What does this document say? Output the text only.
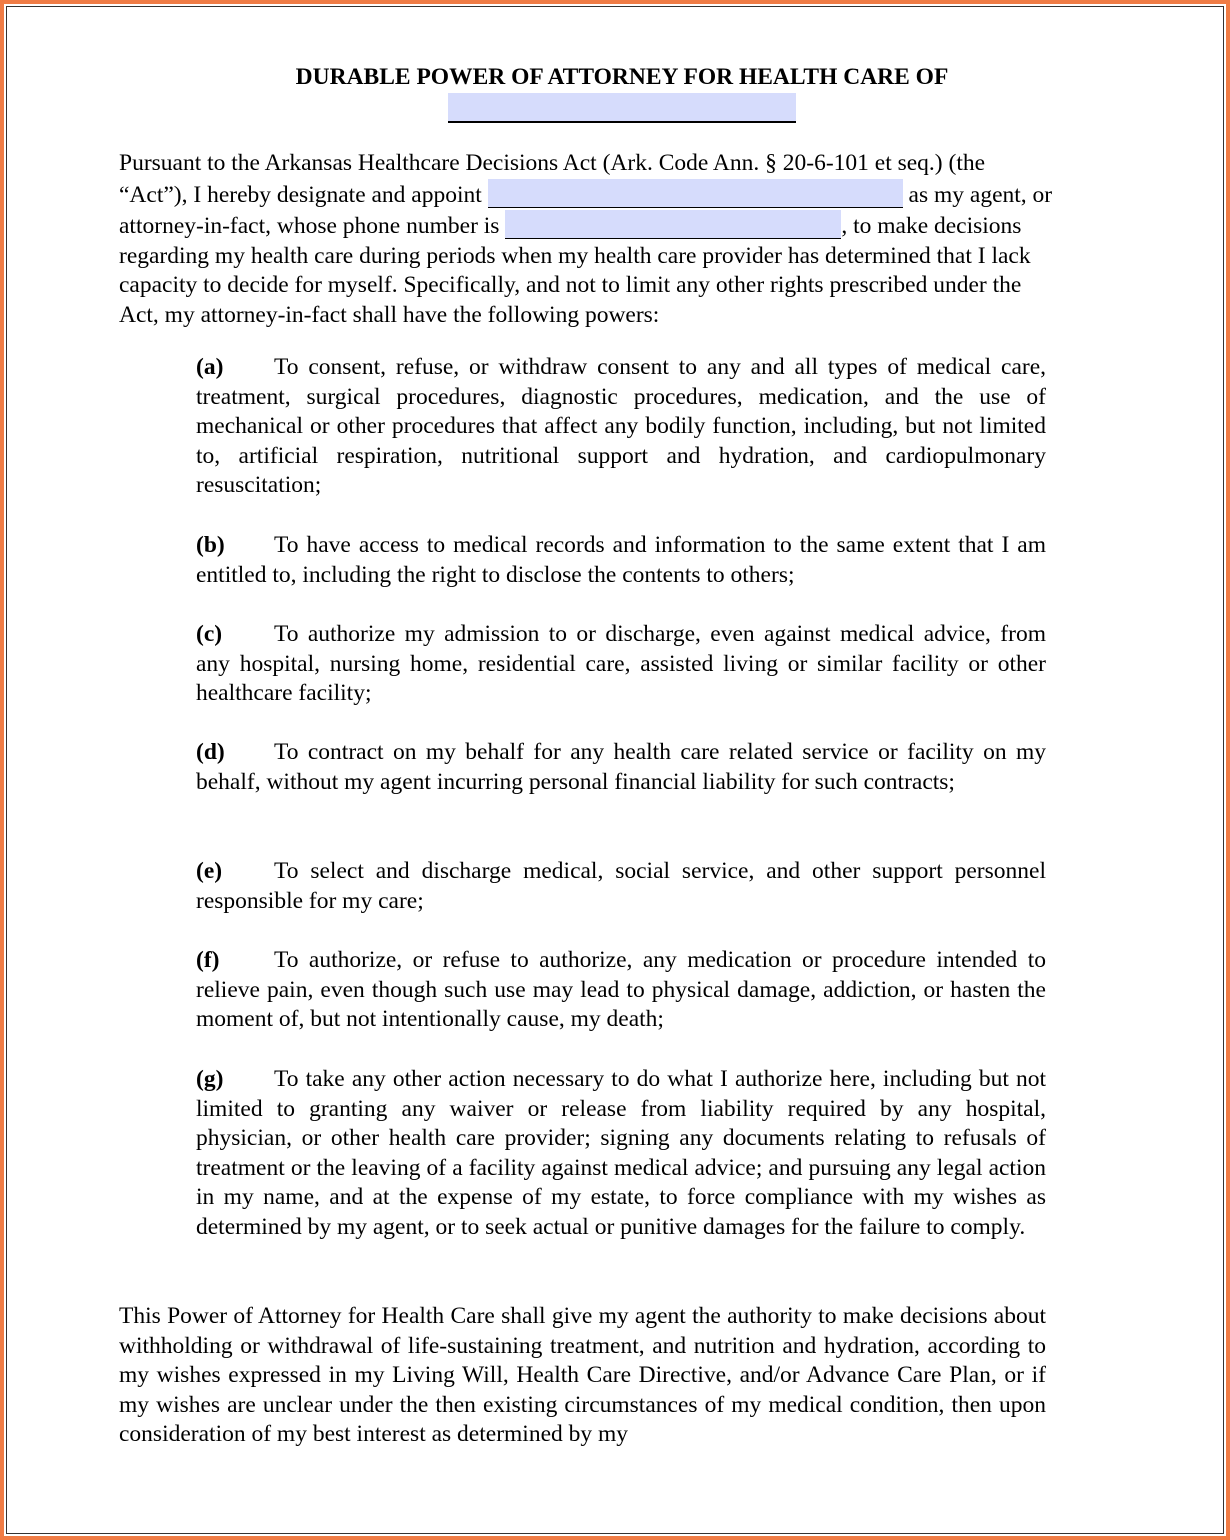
DURABLE POWER OF ATTORNEY FOR HEALTH CARE OF
Pursuant to the Arkansas Healthcare Decisions Act (Ark. Code Ann. § 20-6-101 et seq.) (the
“Act”), I hereby designate and appoint	as my agent, or
attorney-in-fact, whose phone number is	, to make decisions
regarding my health care during periods when my health care provider has determined that I lack
capacity to decide for myself. Specifically, and not to limit any other rights prescribed under the
Act, my attorney-in-fact shall have the following powers:
(a) To consent, refuse, or withdraw consent to any and all types of medical care, treatment, surgical procedures, diagnostic procedures, medication, and the use of mechanical or other procedures that affect any bodily function, including, but not limited to, artificial respiration, nutritional support and hydration, and cardiopulmonary resuscitation;
(b) To have access to medical records and information to the same extent that I am entitled to, including the right to disclose the contents to others;
(c) To authorize my admission to or discharge, even against medical advice, from any hospital, nursing home, residential care, assisted living or similar facility or other healthcare facility;
(d) To contract on my behalf for any health care related service or facility on my behalf, without my agent incurring personal financial liability for such contracts;
(e) To select and discharge medical, social service, and other support personnel responsible for my care;
(f) To authorize, or refuse to authorize, any medication or procedure intended to relieve pain, even though such use may lead to physical damage, addiction, or hasten the moment of, but not intentionally cause, my death;
(g) To take any other action necessary to do what I authorize here, including but not limited to granting any waiver or release from liability required by any hospital, physician, or other health care provider; signing any documents relating to refusals of treatment or the leaving of a facility against medical advice; and pursuing any legal action in my name, and at the expense of my estate, to force compliance with my wishes as determined by my agent, or to seek actual or punitive damages for the failure to comply.
This Power of Attorney for Health Care shall give my agent the authority to make decisions about withholding or withdrawal of life-sustaining treatment, and nutrition and hydration, according to my wishes expressed in my Living Will, Health Care Directive, and/or Advance Care Plan, or if my wishes are unclear under the then existing circumstances of my medical condition, then upon consideration of my best interest as determined by my
